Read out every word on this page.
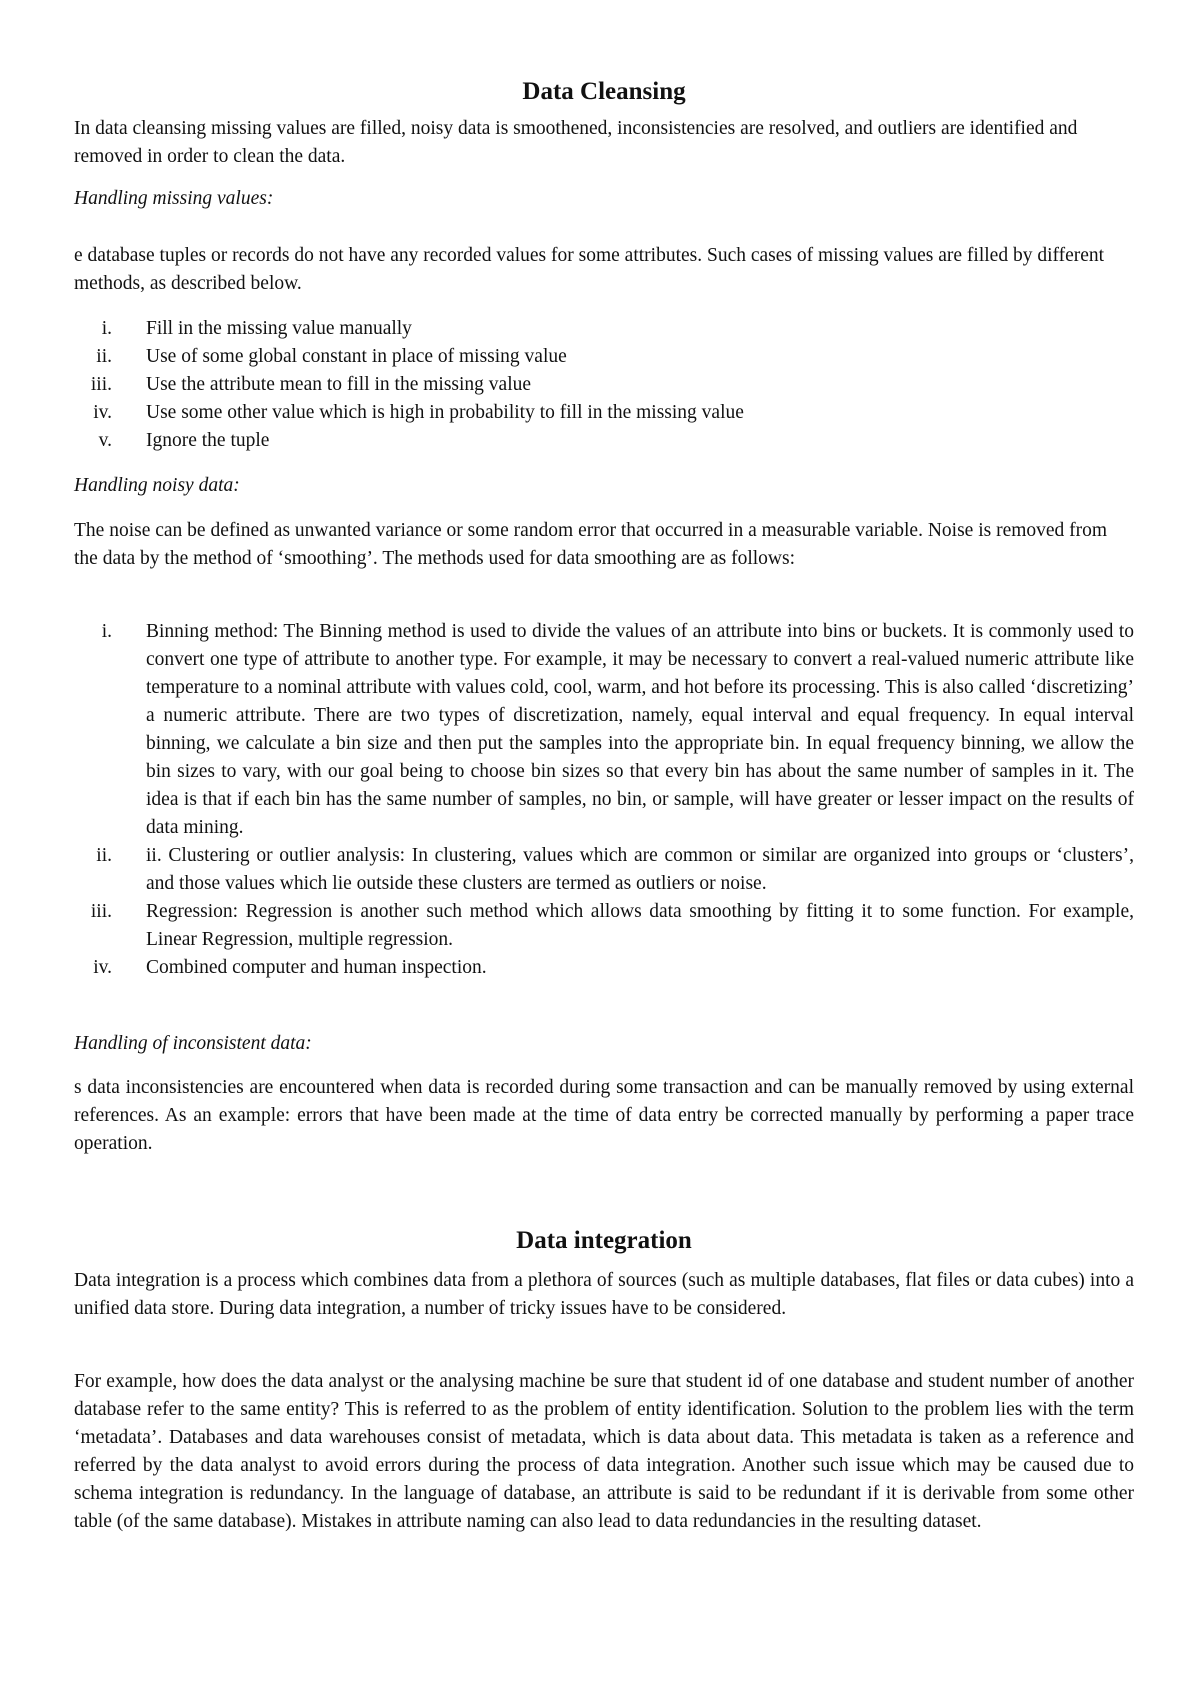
Data Cleansing

In data cleansing missing values are filled, noisy data is smoothened, inconsistencies are resolved, and outliers are identified and removed in order to clean the data.

Handling missing values:

e database tuples or records do not have any recorded values for some attributes. Such cases of missing values are filled by different methods, as described below.

i. Fill in the missing value manually
ii. Use of some global constant in place of missing value
iii. Use the attribute mean to fill in the missing value
iv. Use some other value which is high in probability to fill in the missing value
v. Ignore the tuple

Handling noisy data:

The noise can be defined as unwanted variance or some random error that occurred in a measurable variable. Noise is removed from the data by the method of ‘smoothing’. The methods used for data smoothing are as follows:

i. Binning method: The Binning method is used to divide the values of an attribute into bins or buckets. It is commonly used to convert one type of attribute to another type. For example, it may be necessary to convert a real-valued numeric attribute like temperature to a nominal attribute with values cold, cool, warm, and hot before its processing. This is also called ‘discretizing’ a numeric attribute. There are two types of discretization, namely, equal interval and equal frequency. In equal interval binning, we calculate a bin size and then put the samples into the appropriate bin. In equal frequency binning, we allow the bin sizes to vary, with our goal being to choose bin sizes so that every bin has about the same number of samples in it. The idea is that if each bin has the same number of samples, no bin, or sample, will have greater or lesser impact on the results of data mining.
ii. ii. Clustering or outlier analysis: In clustering, values which are common or similar are organized into groups or ‘clusters’, and those values which lie outside these clusters are termed as outliers or noise.
iii. Regression: Regression is another such method which allows data smoothing by fitting it to some function. For example, Linear Regression, multiple regression.
iv. Combined computer and human inspection.

Handling of inconsistent data:

s data inconsistencies are encountered when data is recorded during some transaction and can be manually removed by using external references. As an example: errors that have been made at the time of data entry be corrected manually by performing a paper trace operation.

Data integration

Data integration is a process which combines data from a plethora of sources (such as multiple databases, flat files or data cubes) into a unified data store. During data integration, a number of tricky issues have to be considered.

For example, how does the data analyst or the analysing machine be sure that student id of one database and student number of another database refer to the same entity? This is referred to as the problem of entity identification. Solution to the problem lies with the term ‘metadata’. Databases and data warehouses consist of metadata, which is data about data. This metadata is taken as a reference and referred by the data analyst to avoid errors during the process of data integration. Another such issue which may be caused due to schema integration is redundancy. In the language of database, an attribute is said to be redundant if it is derivable from some other table (of the same database). Mistakes in attribute naming can also lead to data redundancies in the resulting dataset.
